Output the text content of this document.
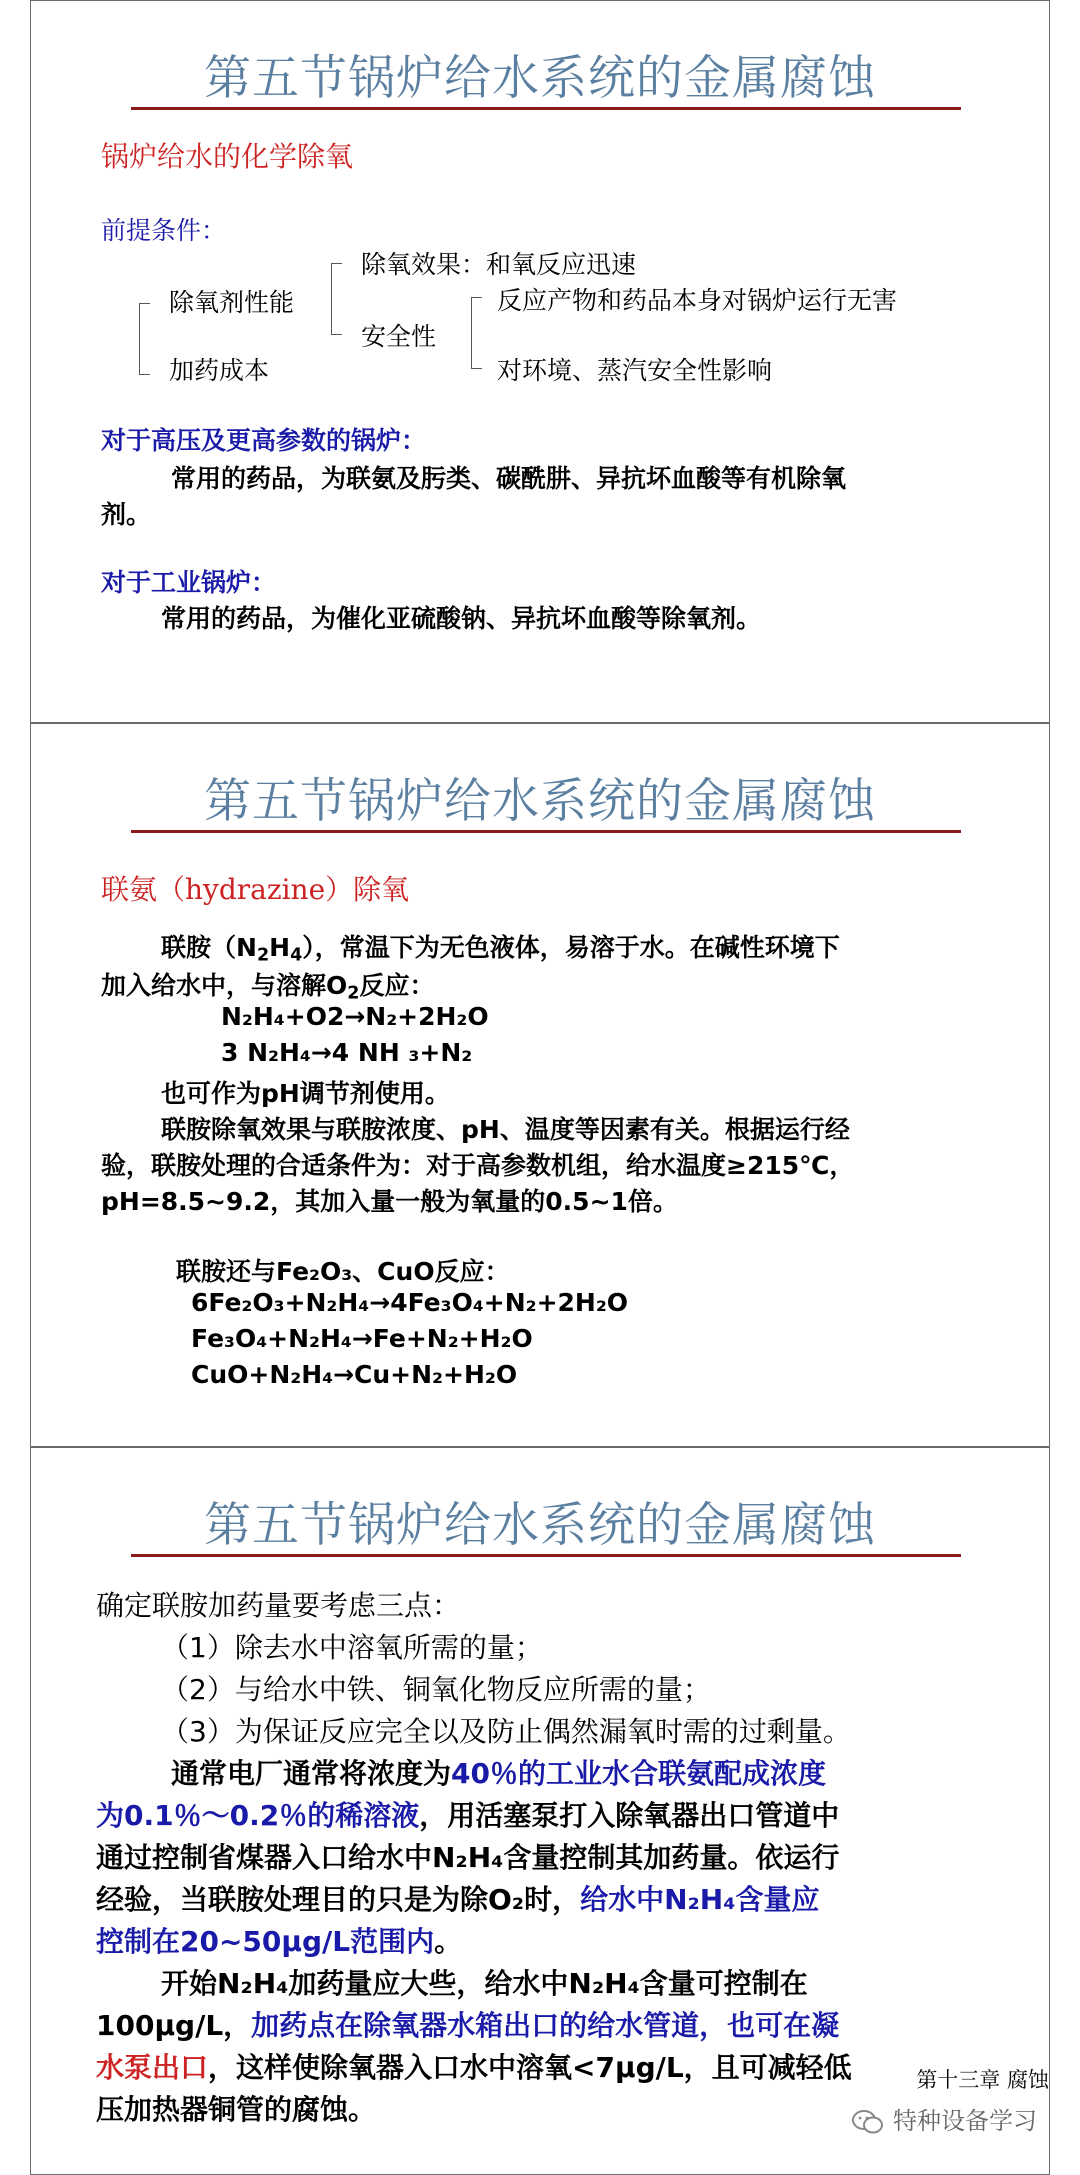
第五节锅炉给水系统的金属腐蚀
锅炉给水的化学除氧
前提条件：
除氧剂性能
加药成本
除氧效果：和氧反应迅速
安全性
反应产物和药品本身对锅炉运行无害
对环境、蒸汽安全性影响
对于高压及更高参数的锅炉：
常用的药品，为联氨及肟类、碳酰肼、异抗坏血酸等有机除氧
剂。
对于工业锅炉：
常用的药品，为催化亚硫酸钠、异抗坏血酸等除氧剂。
第五节锅炉给水系统的金属腐蚀
联氨（hydrazine）除氧
联胺$(N_2H_4)$，常温下为无色液体，易溶于水。在碱性环境下
加入给水中，与溶解$O_2$反应：
N₂H₄+O2→N₂+2H₂O
3 N₂H₄→4 NH ₃+N₂
也可作为pH调节剂使用。
联胺除氧效果与联胺浓度、pH、温度等因素有关。根据运行经
验，联胺处理的合适条件为：对于高参数机组，给水温度≥215℃，
pH=8.5~9.2，其加入量一般为氧量的0.5~1倍。
联胺还与Fe₂O₃、CuO反应：
6Fe₂O₃+N₂H₄→4Fe₃O₄+N₂+2H₂O
Fe₃O₄+N₂H₄→Fe+N₂+H₂O
CuO+N₂H₄→Cu+N₂+H₂O
第五节锅炉给水系统的金属腐蚀
确定联胺加药量要考虑三点：
（1）除去水中溶氧所需的量；
（2）与给水中铁、铜氧化物反应所需的量；
（3）为保证反应完全以及防止偶然漏氧时需的过剩量。
通常电厂通常将浓度为40％的工业水合联氨配成浓度
为0.1％～0.2％的稀溶液，用活塞泵打入除氧器出口管道中
通过控制省煤器入口给水中N₂H₄含量控制其加药量。依运行
经验，当联胺处理目的只是为除O₂时，给水中N₂H₄含量应
控制在20~50μg/L范围内。
开始N₂H₄加药量应大些，给水中N₂H₄含量可控制在
100μg/L，加药点在除氧器水箱出口的给水管道，也可在凝
水泵出口，这样使除氧器入口水中溶氧<7μg/L，且可减轻低
压加热器铜管的腐蚀。
第十三章 腐蚀
特种设备学习
